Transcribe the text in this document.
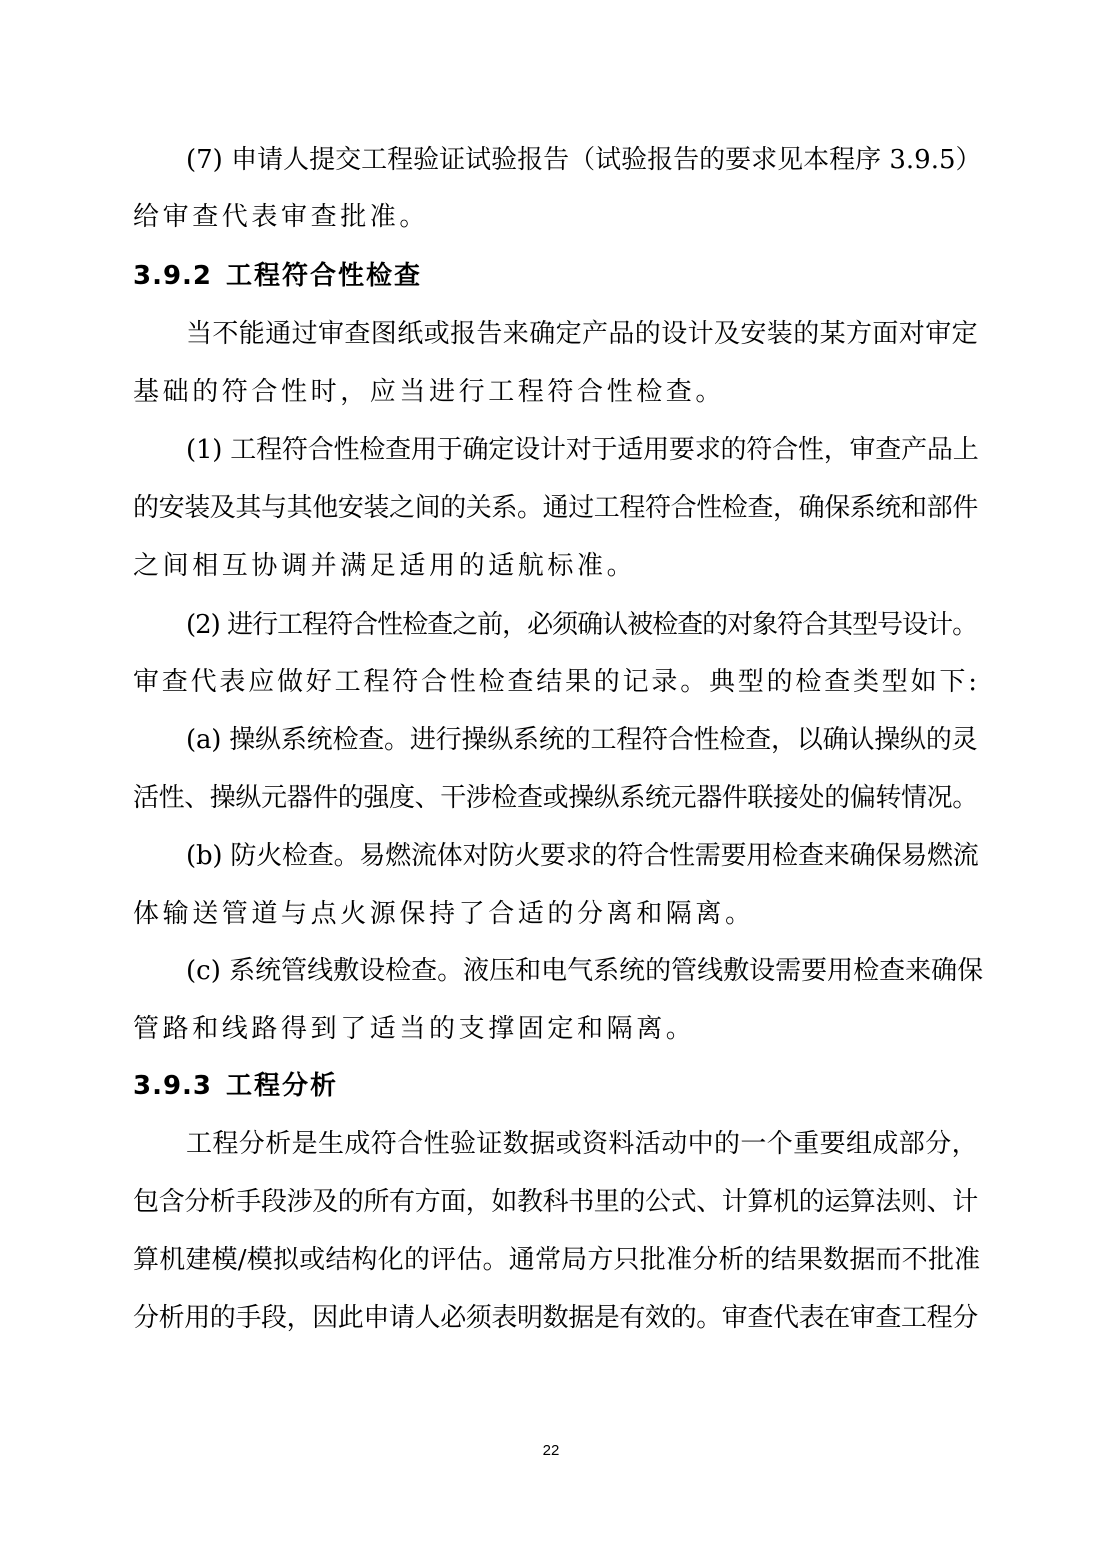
(7) 申请人提交工程验证试验报告（试验报告的要求见本程序 3.9.5）
给审查代表审查批准。
3.9.2 工程符合性检查
当不能通过审查图纸或报告来确定产品的设计及安装的某方面对审定
基础的符合性时，应当进行工程符合性检查。
(1) 工程符合性检查用于确定设计对于适用要求的符合性，审查产品上
的安装及其与其他安装之间的关系。通过工程符合性检查，确保系统和部件
之间相互协调并满足适用的适航标准。
(2) 进行工程符合性检查之前，必须确认被检查的对象符合其型号设计。
审查代表应做好工程符合性检查结果的记录。典型的检查类型如下:
(a) 操纵系统检查。进行操纵系统的工程符合性检查，以确认操纵的灵
活性、操纵元器件的强度、干涉检查或操纵系统元器件联接处的偏转情况。
(b) 防火检查。易燃流体对防火要求的符合性需要用检查来确保易燃流
体输送管道与点火源保持了合适的分离和隔离。
(c) 系统管线敷设检查。液压和电气系统的管线敷设需要用检查来确保
管路和线路得到了适当的支撑固定和隔离。
3.9.3 工程分析
工程分析是生成符合性验证数据或资料活动中的一个重要组成部分，
包含分析手段涉及的所有方面，如教科书里的公式、计算机的运算法则、计
算机建模/模拟或结构化的评估。通常局方只批准分析的结果数据而不批准
分析用的手段，因此申请人必须表明数据是有效的。审查代表在审查工程分
22
